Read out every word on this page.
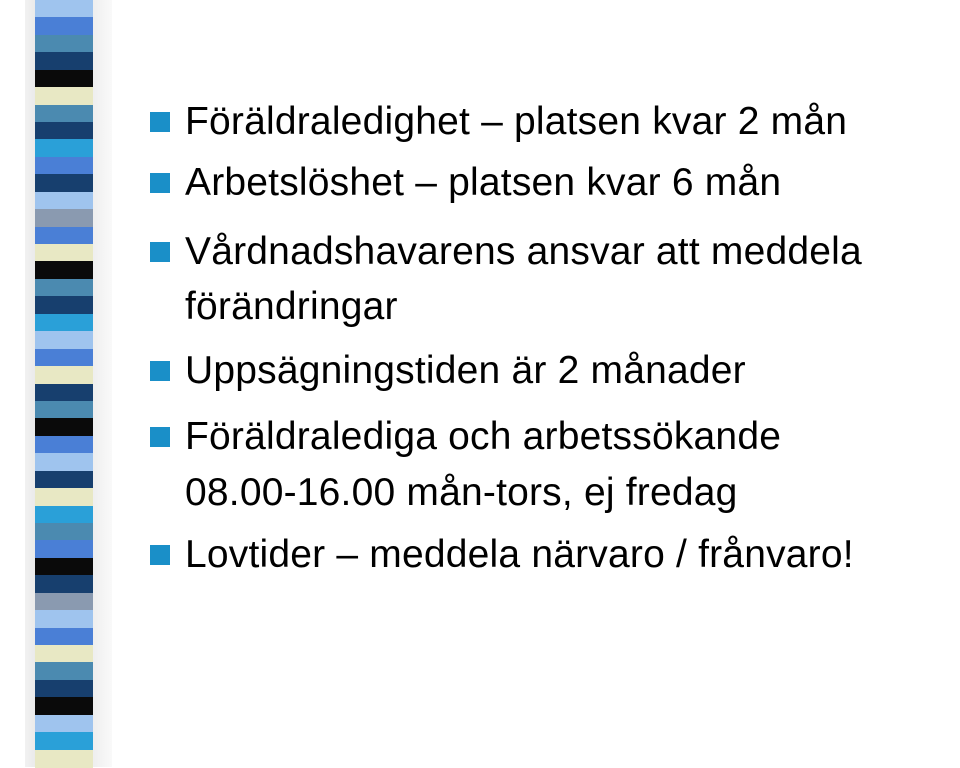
Föräldraledighet – platsen kvar 2 mån
Arbetslöshet – platsen kvar 6 mån
Vårdnadshavarens ansvar att meddela
förändringar
Uppsägningstiden är 2 månader
Föräldralediga och arbetssökande
08.00-16.00 mån-tors, ej fredag
Lovtider – meddela närvaro / frånvaro!
